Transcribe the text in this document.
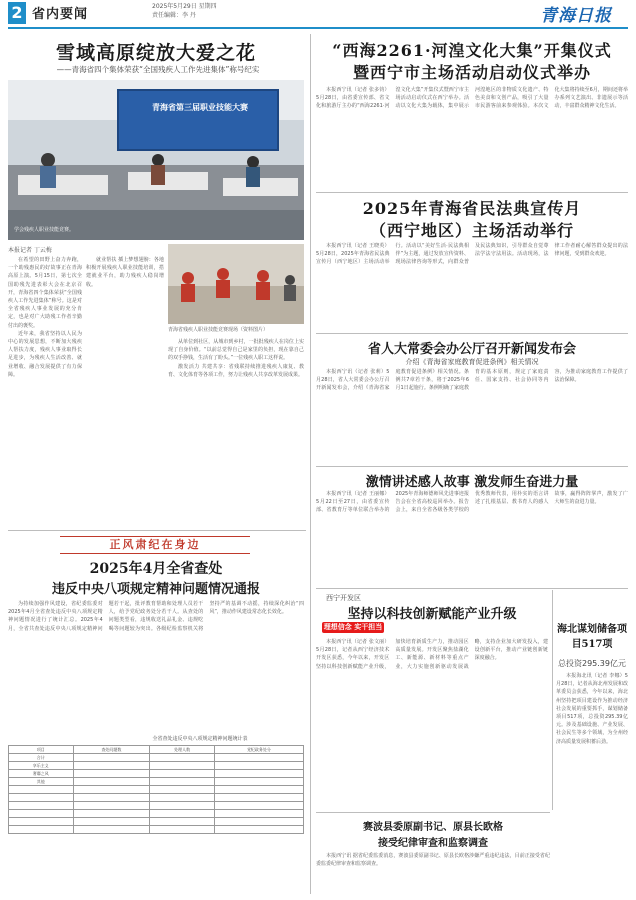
2 省内要闻
2025年5月29日 星期四
责任编辑：李 丹	青海日报
雪域高原绽放大爱之花
——青海省四个集体荣获“全国残疾人工作先进集体”称号纪实
青海省第三届职业技能大赛
学会残疾人职业技能竞赛。
青海省残疾人职业技能竞赛现场（资料图片）
本报记者 丁云梅

在希望的田野上奋力奔跑，一个助残惠民的好故事正在青海高原上演。5月15日，第七次全国助残先进表彰大会在北京召开，青海省四个集体荣获“全国残疾人工作先进集体”称号。这是对全省残疾人事业发展的充分肯定，也是对广大助残工作者辛勤付出的褒奖。

近年来，我省坚持以人民为中心的发展思想，不断加大残疾人帮扶力度，残疾人事业取得长足进步，为残疾人生活改善、就业增收、融合发展提供了有力保障。

就业帮扶 插上梦想翅膀：各地积极开展残疾人职业技能培训，搭建就业平台，助力残疾人稳岗增收。

从单位到社区，从城市到乡村，一批批残疾人在岗位上实现了自身价值。“以前总觉得自己是家里的负担，现在靠自己的双手挣钱，生活有了盼头。”一位残疾人职工这样说。

激发活力 共建共享：省残联持续推进残疾人康复、教育、文化体育等各项工作，努力让残疾人共享改革发展成果。

正风肃纪在身边
2025年4月全省查处
违反中央八项规定精神问题情况通报

为持续加强作风建设，省纪委监委对2025年4月全省查处违反中央八项规定精神问题情况进行了统计汇总。2025年4月，全省共查处违反中央八项规定精神问题若干起，批评教育帮助和处理人员若干人，给予党纪政务处分若干人。从查处的问题类型看，违规收送礼品礼金、违规吃喝等问题较为突出。各级纪检监察机关将坚持严的基调不动摇，持续深化纠治“四风”，推动作风建设常态化长效化。

全省查处违反中央八项规定精神问题统计表
项目	查处问题数	处理人数	党纪政务处分
合计			
享乐主义			
奢靡之风			
其他			

“西海2261·河湟文化大集”开集仪式
暨西宁市主场活动启动仪式举办

本报西宁讯（记者 张多钧）5月28日，由省委宣传部、省文化和旅游厅主办的“西海2261·河湟文化大集”开集仪式暨西宁市主场活动启动仪式在西宁举办。活动以文化大集为载体，集中展示河湟地区的非物质文化遗产、特色美食和文创产品，吸引了大量市民游客前来参观体验。本次文化大集将持续至6月，期间还将举办系列文艺演出、非遗展示等活动，丰富群众精神文化生活。

2025年青海省民法典宣传月
（西宁地区）主场活动举行

本报西宁讯（记者 王晓英）5月28日，2025年青海省民法典宣传月（西宁地区）主场活动举行。活动以“美好生活·民法典相伴”为主题，通过发放宣传资料、现场法律咨询等形式，向群众普及民法典知识，引导群众自觉尊法学法守法用法。活动现场，法律工作者耐心解答群众提出的法律问题，受到群众欢迎。

省人大常委会办公厅召开新闻发布会
介绍《青海省家庭教育促进条例》相关情况

本报西宁讯（记者 张莉）5月28日，省人大常委会办公厅召开新闻发布会，介绍《青海省家庭教育促进条例》相关情况。条例共7章若干条，将于2025年6月1日起施行。条例明确了家庭教育的基本原则，规定了家庭责任、国家支持、社会协同等内容，为推动家庭教育工作提供了法治保障。

激情讲述感人故事 激发师生奋进力量

本报西宁讯（记者 王丽娜）5月22日至27日，由省委宣传部、省教育厅等单位联合举办的2025年青海师德师风先进事迹报告会在全省高校巡回举办。报告会上，来自全省各级各类学校的优秀教师代表，用朴实的语言讲述了扎根基层、教书育人的感人故事，赢得阵阵掌声，激发了广大师生的奋进力量。

西宁开发区
坚持以科技创新赋能产业升级
理想信念 实干担当

本报西宁讯（记者 张文丽）5月28日，记者从西宁经济技术开发区获悉，今年以来，开发区坚持以科技创新赋能产业升级，加快培育新质生产力，推动园区高质量发展。开发区聚焦盐湖化工、新能源、新材料等重点产业，大力实施创新驱动发展战略，支持企业加大研发投入，建设创新平台，推动产业链创新链深度融合。

海北谋划储备项目517项
总投资295.39亿元

本报海北讯（记者 李娜）5月28日，记者从海北州发展和改革委员会获悉，今年以来，海北州坚持把项目建设作为推动经济社会发展的重要抓手，谋划储备项目517项，总投资295.39亿元。涉及基础设施、产业发展、社会民生等多个领域，为全州经济高质量发展积蓄后劲。

赛波县委原副书记、原县长欧格
接受纪律审查和监察调查

本报西宁讯 据省纪委监委消息，赛波县委原副书记、原县长欧格涉嫌严重违纪违法，目前正接受省纪委监委纪律审查和监察调查。
